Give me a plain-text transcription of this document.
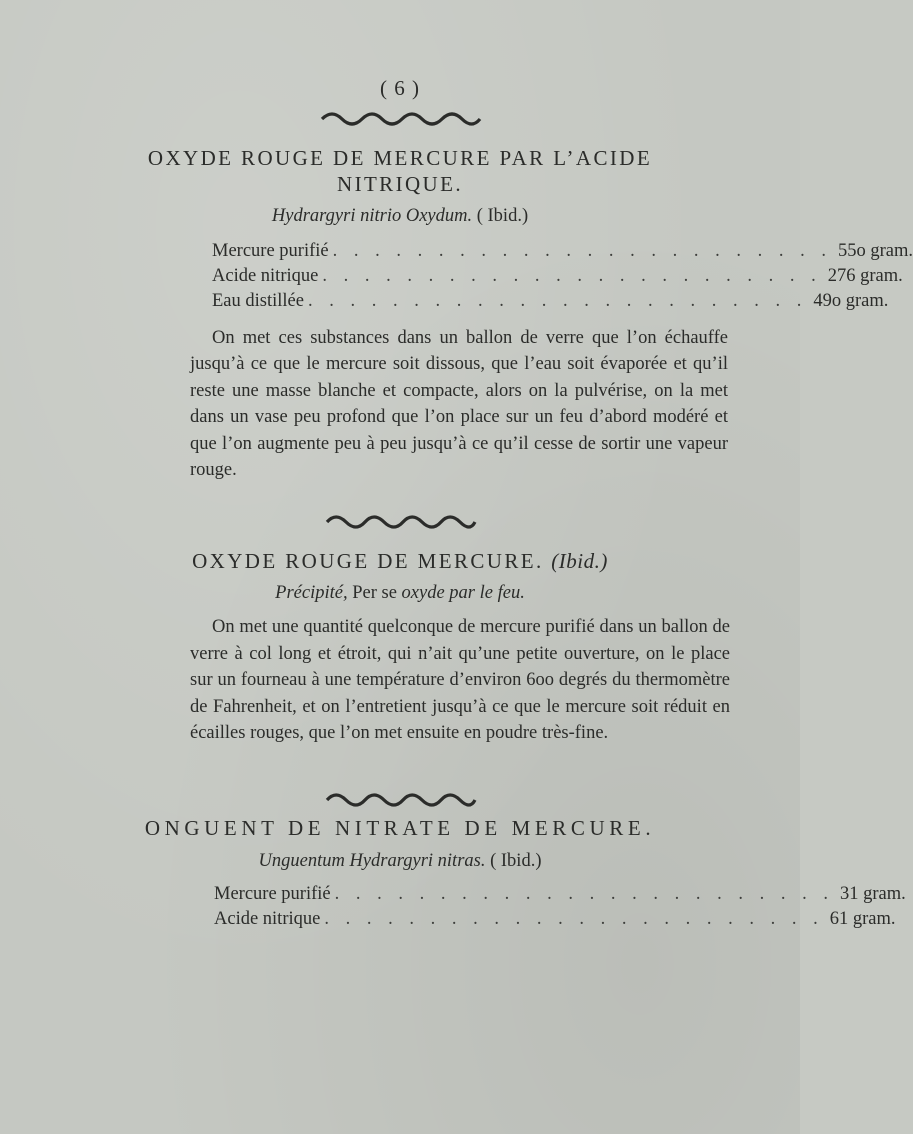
( 6 )
OXYDE ROUGE DE MERCURE PAR L’ACIDE
NITRIQUE.
Hydrargyri nitrio Oxydum. ( Ibid.)
Mercure purifié . . . . . . . . . . . . . . . . . . . . . . . . 55o gram.
Acide nitrique . . . . . . . . . . . . . . . . . . . . . . . . 276 gram.
Eau distillée . . . . . . . . . . . . . . . . . . . . . . . . 49o gram.

On met ces substances dans un ballon de verre que l’on échauffe jusqu’à ce que le mercure soit dissous, que l’eau soit évaporée et qu’il reste une masse blanche et compacte, alors on la pulvérise, on la met dans un vase peu profond que l’on place sur un feu d’abord modéré et que l’on augmente peu à peu jusqu’à ce qu’il cesse de sortir une vapeur rouge.

OXYDE ROUGE DE MERCURE. (Ibid.)
Précipité, Per se oxyde par le feu.

On met une quantité quelconque de mercure purifié dans un ballon de verre à col long et étroit, qui n’ait qu’une petite ouverture, on le place sur un fourneau à une température d’environ 6oo degrés du thermomètre de Fahrenheit, et on l’entretient jusqu’à ce que le mercure soit réduit en écailles rouges, que l’on met ensuite en poudre très-fine.

ONGUENT DE NITRATE DE MERCURE.
Unguentum Hydrargyri nitras. ( Ibid.)
Mercure purifié . . . . . . . . . . . . . . . . . . . . . . . . 31 gram.
Acide nitrique . . . . . . . . . . . . . . . . . . . . . . . . 61 gram.
